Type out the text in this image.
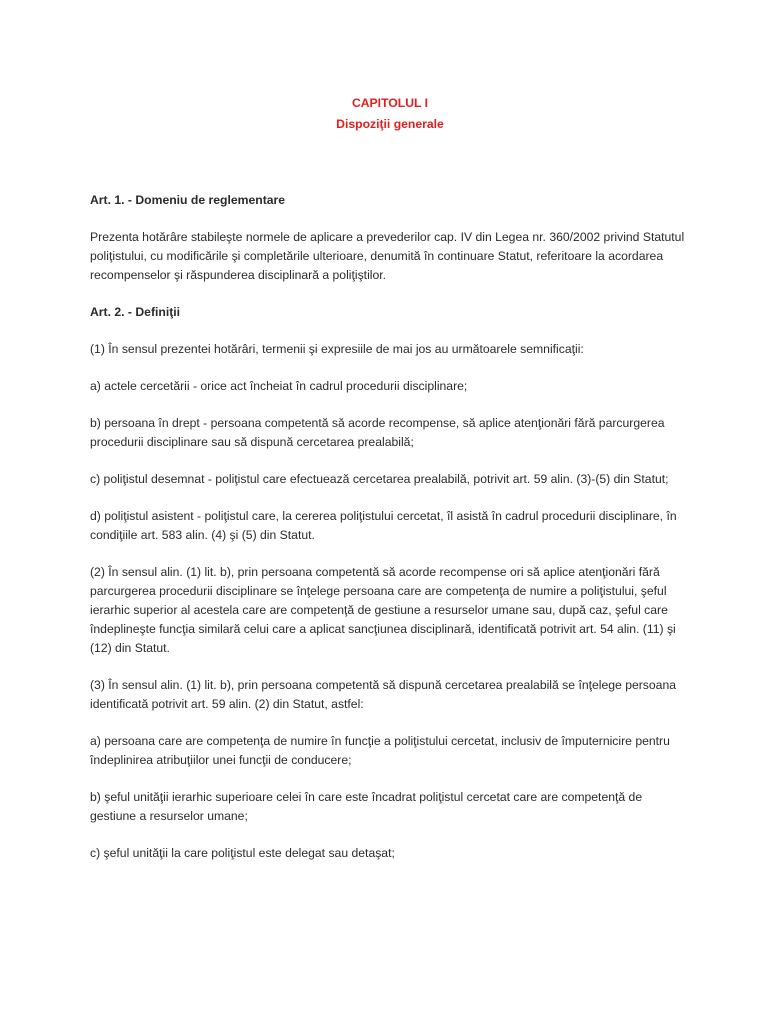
CAPITOLUL I
Dispoziţii generale

Art. 1. - Domeniu de reglementare

Prezenta hotărâre stabileşte normele de aplicare a prevederilor cap. IV din Legea nr. 360/2002 privind Statutul poliţistului, cu modificările şi completările ulterioare, denumită în continuare Statut, referitoare la acordarea recompenselor şi răspunderea disciplinară a poliţiştilor.

Art. 2. - Definiţii

(1) În sensul prezentei hotărâri, termenii şi expresiile de mai jos au următoarele semnificaţii:

a) actele cercetării - orice act încheiat în cadrul procedurii disciplinare;

b) persoana în drept - persoana competentă să acorde recompense, să aplice atenţionări fără parcurgerea procedurii disciplinare sau să dispună cercetarea prealabilă;

c) poliţistul desemnat - poliţistul care efectuează cercetarea prealabilă, potrivit art. 59 alin. (3)-(5) din Statut;

d) poliţistul asistent - poliţistul care, la cererea poliţistului cercetat, îl asistă în cadrul procedurii disciplinare, în condiţiile art. 583 alin. (4) şi (5) din Statut.

(2) În sensul alin. (1) lit. b), prin persoana competentă să acorde recompense ori să aplice atenţionări fără parcurgerea procedurii disciplinare se înţelege persoana care are competenţa de numire a poliţistului, şeful ierarhic superior al acestela care are competenţă de gestiune a resurselor umane sau, după caz, şeful care îndeplineşte funcţia similară celui care a aplicat sancţiunea disciplinară, identificată potrivit art. 54 alin. (11) şi (12) din Statut.

(3) În sensul alin. (1) lit. b), prin persoana competentă să dispună cercetarea prealabilă se înţelege persoana identificată potrivit art. 59 alin. (2) din Statut, astfel:

a) persoana care are competenţa de numire în funcţie a poliţistului cercetat, inclusiv de împuternicire pentru îndeplinirea atribuţiilor unei funcţii de conducere;

b) şeful unităţii ierarhic superioare celei în care este încadrat poliţistul cercetat care are competenţă de gestiune a resurselor umane;

c) şeful unităţii la care poliţistul este delegat sau detaşat;
